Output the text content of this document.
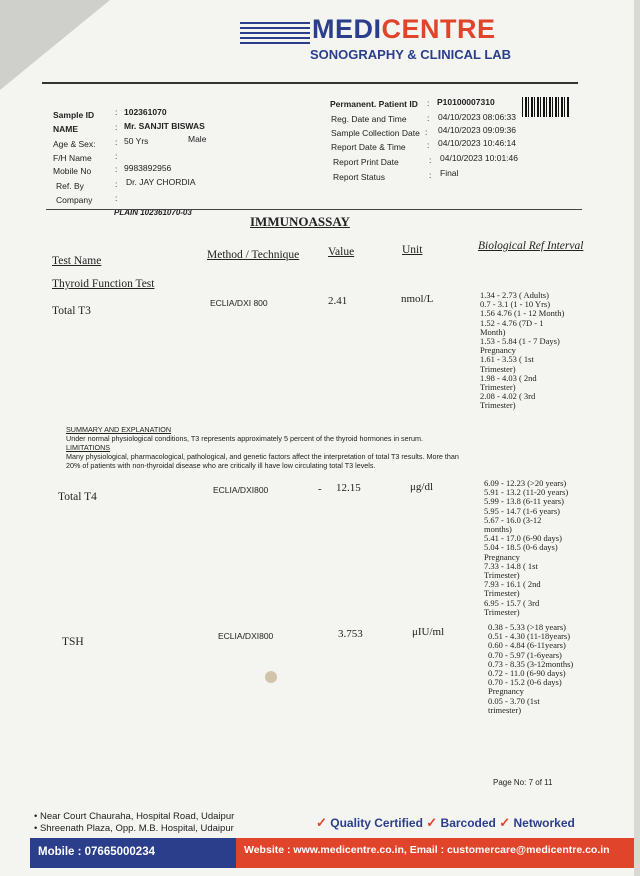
MEDICENTRE
SONOGRAPHY & CLINICAL LAB
Sample ID : 102361070
NAME	: Mr. SANJIT BISWAS
Age & Sex: : 50 Yrs	Male
F/H Name	:
Mobile No	: 9983892956
Ref. By	: Dr. JAY CHORDIA
Company	:
Permanent. Patient ID : P10100007310
Reg. Date and Time : 04/10/2023 08:06:33
Sample Collection Date : 04/10/2023 09:09:36
Report Date & Time	: 04/10/2023 10:46:14
Report Print Date	: 04/10/2023 10:01:46
Report Status	: Final
PLAIN 102361070-03
IMMUNOASSAY
Test Name	Method / Technique	Value	Unit	Biological Ref Interval
Thyroid Function Test
Total T3
ECLIA/DXI 800	2.41	nmol/L	1.34 - 2.73 ( Adults)
0.7 - 3.1 (1 - 10 Yrs)
1.56 4.76 (1 - 12 Month)
1.52 - 4.76 (7D - 1
Month)
1.53 - 5.84 (1 - 7 Days)
Pregnancy
1.61 - 3.53 ( 1st
Trimester)
1.98 - 4.03 ( 2nd
Trimester)
2.08 - 4.02 ( 3rd
Trimester)
SUMMARY AND EXPLANATION
Under normal physiological conditions, T3 represents approximately 5 percent of the thyroid hormones in serum.
LIMITATIONS
Many physiological, pharmacological, pathological, and genetic factors affect the interpretation of total T3 results. More than
20% of patients with non-thyroidal disease who are critically ill have low circulating total T3 levels.
Total T4
ECLIA/DXI800	- 12.15	μg/dl	6.09 - 12.23 (>20 years)
5.91 - 13.2 (11-20 years)
5.99 - 13.8 (6-11 years)
5.95 - 14.7 (1-6 years)
5.67 - 16.0 (3-12
months)
5.41 - 17.0 (6-90 days)
5.04 - 18.5 (0-6 days)
Pregnancy
7.33 - 14.8 ( 1st
Trimester)
7.93 - 16.1 ( 2nd
Trimester)
6.95 - 15.7 ( 3rd
Trimester)
TSH	ECLIA/DXI800	3.753	μIU/ml	0.38 - 5.33 (>18 years)
0.51 - 4.30 (11-18years)
0.60 - 4.84 (6-11years)
0.70 - 5.97 (1-6years)
0.73 - 8.35 (3-12months)
0.72 - 11.0 (6-90 days)
0.70 - 15.2 (0-6 days)
Pregnancy
0.05 - 3.70 (1st
trimester)
Page No: 7 of 11
• Near Court Chauraha, Hospital Road, Udaipur
• Shreenath Plaza, Opp. M.B. Hospital, Udaipur	✓ Quality Certified ✓ Barcoded ✓ Networked
Mobile : 07665000234	Website : www.medicentre.co.in, Email : customercare@medicentre.co.in
